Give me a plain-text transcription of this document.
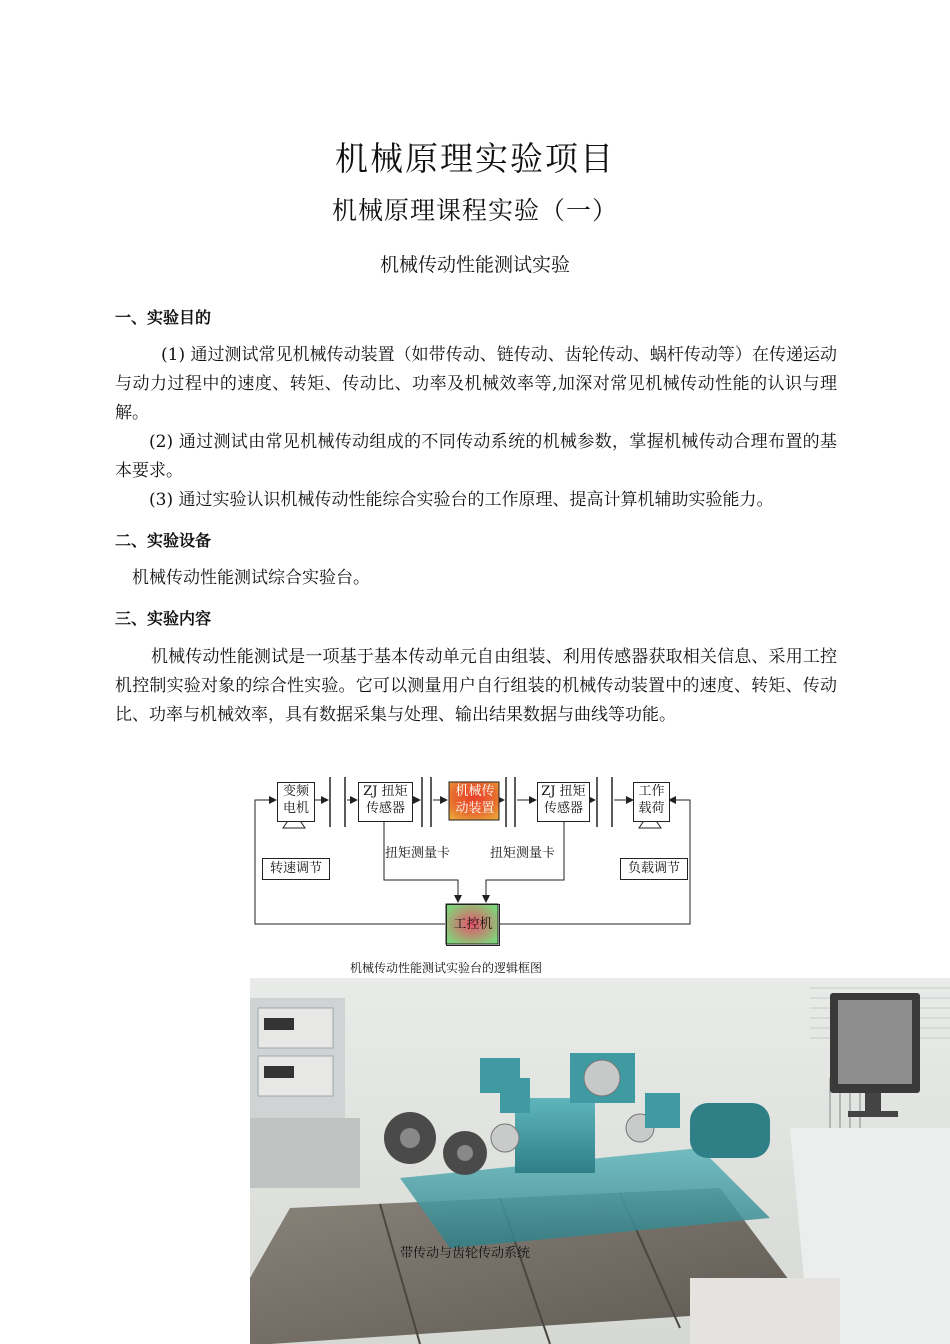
机械原理实验项目
机械原理课程实验（一）
机械传动性能测试实验
一、实验目的
(1) 通过测试常见机械传动装置（如带传动、链传动、齿轮传动、蜗杆传动等）在传递运动与动力过程中的速度、转矩、传动比、功率及机械效率等,加深对常见机械传动性能的认识与理解。
(2) 通过测试由常见机械传动组成的不同传动系统的机械参数，掌握机械传动合理布置的基本要求。
(3) 通过实验认识机械传动性能综合实验台的工作原理、提高计算机辅助实验能力。
二、实验设备
机械传动性能测试综合实验台。
三、实验内容
机械传动性能测试是一项基于基本传动单元自由组装、利用传感器获取相关信息、采用工控机控制实验对象的综合性实验。它可以测量用户自行组装的机械传动装置中的速度、转矩、传动比、功率与机械效率，具有数据采集与处理、输出结果数据与曲线等功能。
变频
电机
ZJ 扭矩
传感器
机械传
动装置
ZJ 扭矩
传感器
工作
载荷
转速调节	负载调节
扭矩测量卡	扭矩测量卡
工控机
机械传动性能测试实验台的逻辑框图
带传动与齿轮传动系统
